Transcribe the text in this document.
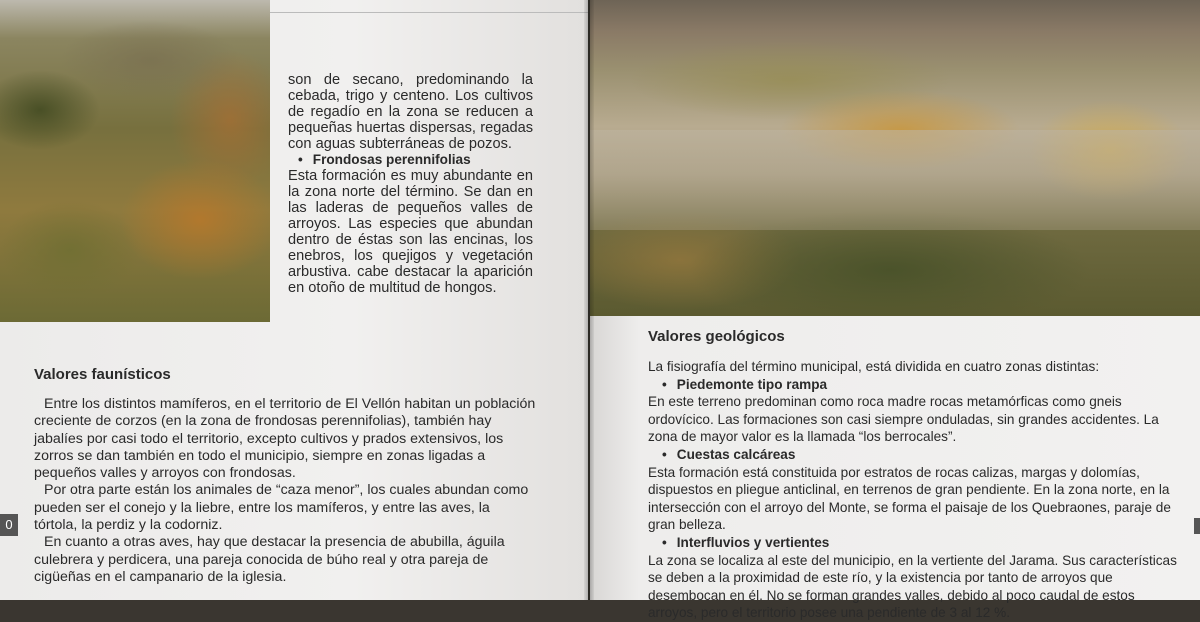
son de secano, predominando la cebada, trigo y centeno. Los cultivos de regadío en la zona se reducen a pequeñas huertas dispersas, regadas con aguas subterráneas de pozos.

• Frondosas perennifolias

Esta formación es muy abundante en la zona norte del término. Se dan en las laderas de pequeños valles de arroyos. Las especies que abundan dentro de éstas son las encinas, los enebros, los quejigos y vegetación arbustiva. cabe destacar la aparición en otoño de multitud de hongos.

Valores faunísticos

Entre los distintos mamíferos, en el territorio de El Vellón habitan un población creciente de corzos (en la zona de frondosas perennifolias), también hay jabalíes por casi todo el territorio, excepto cultivos y prados extensivos, los zorros se dan también en todo el municipio, siempre en zonas ligadas a pequeños valles y arroyos con frondosas.

Por otra parte están los animales de “caza menor”, los cuales abundan como pueden ser el conejo y la liebre, entre los mamíferos, y entre las aves, la tórtola, la perdiz y la codorniz.

En cuanto a otras aves, hay que destacar la presencia de abubilla, águila culebrera y perdicera, una pareja conocida de búho real y otra pareja de cigüeñas en el campanario de la iglesia.

0
Valores geológicos

La fisiografía del término municipal, está dividida en cuatro zonas distintas:

• Piedemonte tipo rampa

En este terreno predominan como roca madre rocas metamórficas como gneis ordovícico. Las formaciones son casi siempre onduladas, sin grandes accidentes. La zona de mayor valor es la llamada “los berrocales”.

• Cuestas calcáreas

Esta formación está constituida por estratos de rocas calizas, margas y dolomías, dispuestos en pliegue anticlinal, en terrenos de gran pendiente. En la zona norte, en la intersección con el arroyo del Monte, se forma el paisaje de los Quebraones, paraje de gran belleza.

• Interfluvios y vertientes

La zona se localiza al este del municipio, en la vertiente del Jarama. Sus características se deben a la proximidad de este río, y la existencia por tanto de arroyos que desembocan en él. No se forman grandes valles, debido al poco caudal de estos arroyos, pero el territorio posee una pendiente de 3 al 12 %.
